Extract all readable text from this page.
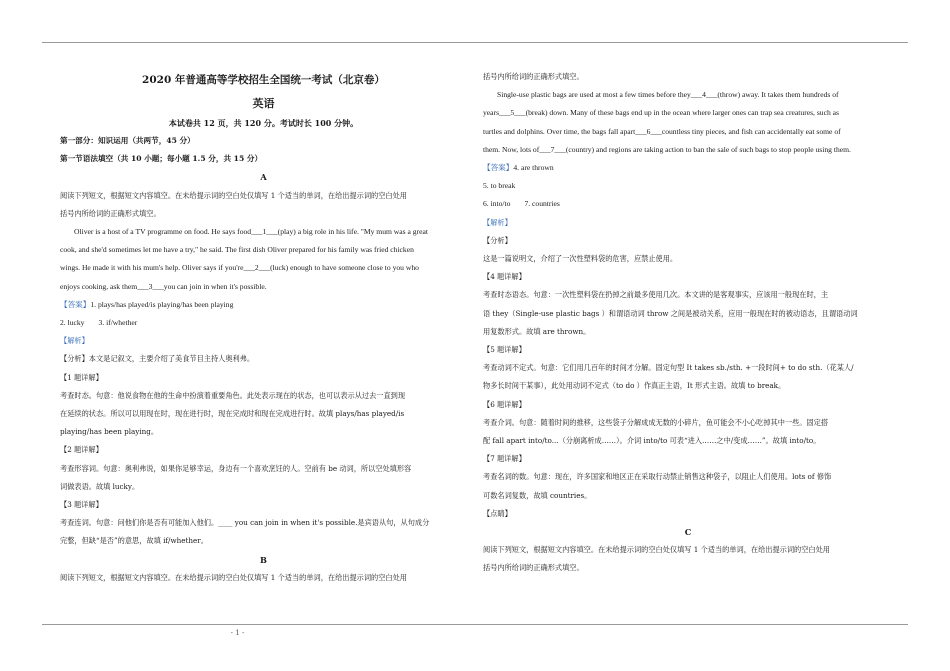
2020 年普通高等学校招生全国统一考试（北京卷）

英语

本试卷共 12 页，共 120 分。考试时长 100 分钟。

第一部分：知识运用（共两节，45 分）

第一节语法填空（共 10 小题；每小题 1.5 分，共 15 分）

A

阅读下列短文，根据短文内容填空。在未给提示词的空白处仅填写 1 个适当的单词，在给出提示词的空白处用

括号内所给词的正确形式填空。

Oliver is a host of a TV programme on food. He says food___1___(play) a big role in his life. "My mum was a great

cook, and she'd sometimes let me have a try," he said. The first dish Oliver prepared for his family was fried chicken

wings. He made it with his mum's help. Oliver says if you're___2___(luck) enough to have someone close to you who

enjoys cooking, ask them___3___you can join in when it's possible.

【答案】1. plays/has played/is playing/has been playing

2. lucky 3. if/whether

【解析】

【分析】本文是记叙文，主要介绍了美食节目主持人奥利弗。

【1 题详解】

考查时态。句意：他说食物在他的生命中扮演着重要角色。此处表示现在的状态，也可以表示从过去一直到现

在延续的状态。所以可以用现在时，现在进行时，现在完成时和现在完成进行时。故填 plays/has played/is

playing/has been playing。

【2 题详解】

考查形容词。句意：奥利弗说，如果你足够幸运，身边有一个喜欢烹饪的人。空前有 be 动词，所以空处填形容

词做表语。故填 lucky。

【3 题详解】

考查连词。句意：问他们你是否有可能加入他们。____ you can join in when it's possible.是宾语从句，从句成分

完整，但缺“是否”的意思，故填 if/whether。

B

阅读下列短文，根据短文内容填空。在未给提示词的空白处仅填写 1 个适当的单词，在给出提示词的空白处用

括号内所给词的正确形式填空。

Single-use plastic bags are used at most a few times before they___4___(throw) away. It takes them hundreds of

years___5___(break) down. Many of these bags end up in the ocean where larger ones can trap sea creatures, such as

turtles and dolphins. Over time, the bags fall apart___6___countless tiny pieces, and fish can accidentally eat some of

them. Now, lots of___7___(country) and regions are taking action to ban the sale of such bags to stop people using them.

【答案】4. are thrown

5. to break

6. into/to 7. countries

【解析】

【分析】

这是一篇说明文，介绍了一次性塑料袋的危害，应禁止使用。

【4 题详解】

考查时态语态。句意：一次性塑料袋在扔掉之前最多使用几次。本文讲的是客观事实，应该用一般现在时，主

语 they（Single-use plastic bags ）和谓语动词 throw 之间是被动关系，应用一般现在时的被动语态，且谓语动词

用复数形式。故填 are thrown。

【5 题详解】

考查动词不定式。句意：它们用几百年的时间才分解。固定句型 It takes sb./sth. +一段时间+ to do sth.（花某人/

物多长时间干某事），此处用动词不定式（to do ）作真正主语，It 形式主语。故填 to break。

【6 题详解】

考查介词。句意：随着时间的推移，这些袋子分解成成无数的小碎片，鱼可能会不小心吃掉其中一些。固定搭

配 fall apart into/to...（分崩离析成……）。介词 into/to 可表“进入……之中/变成……”。故填 into/to。

【7 题详解】

考查名词的数。句意：现在，许多国家和地区正在采取行动禁止销售这种袋子，以阻止人们使用。lots of 修饰

可数名词复数，故填 countries。

【点睛】

C

阅读下列短文，根据短文内容填空。在未给提示词的空白处仅填写 1 个适当的单词，在给出提示词的空白处用

括号内所给词的正确形式填空。

- 1 -
